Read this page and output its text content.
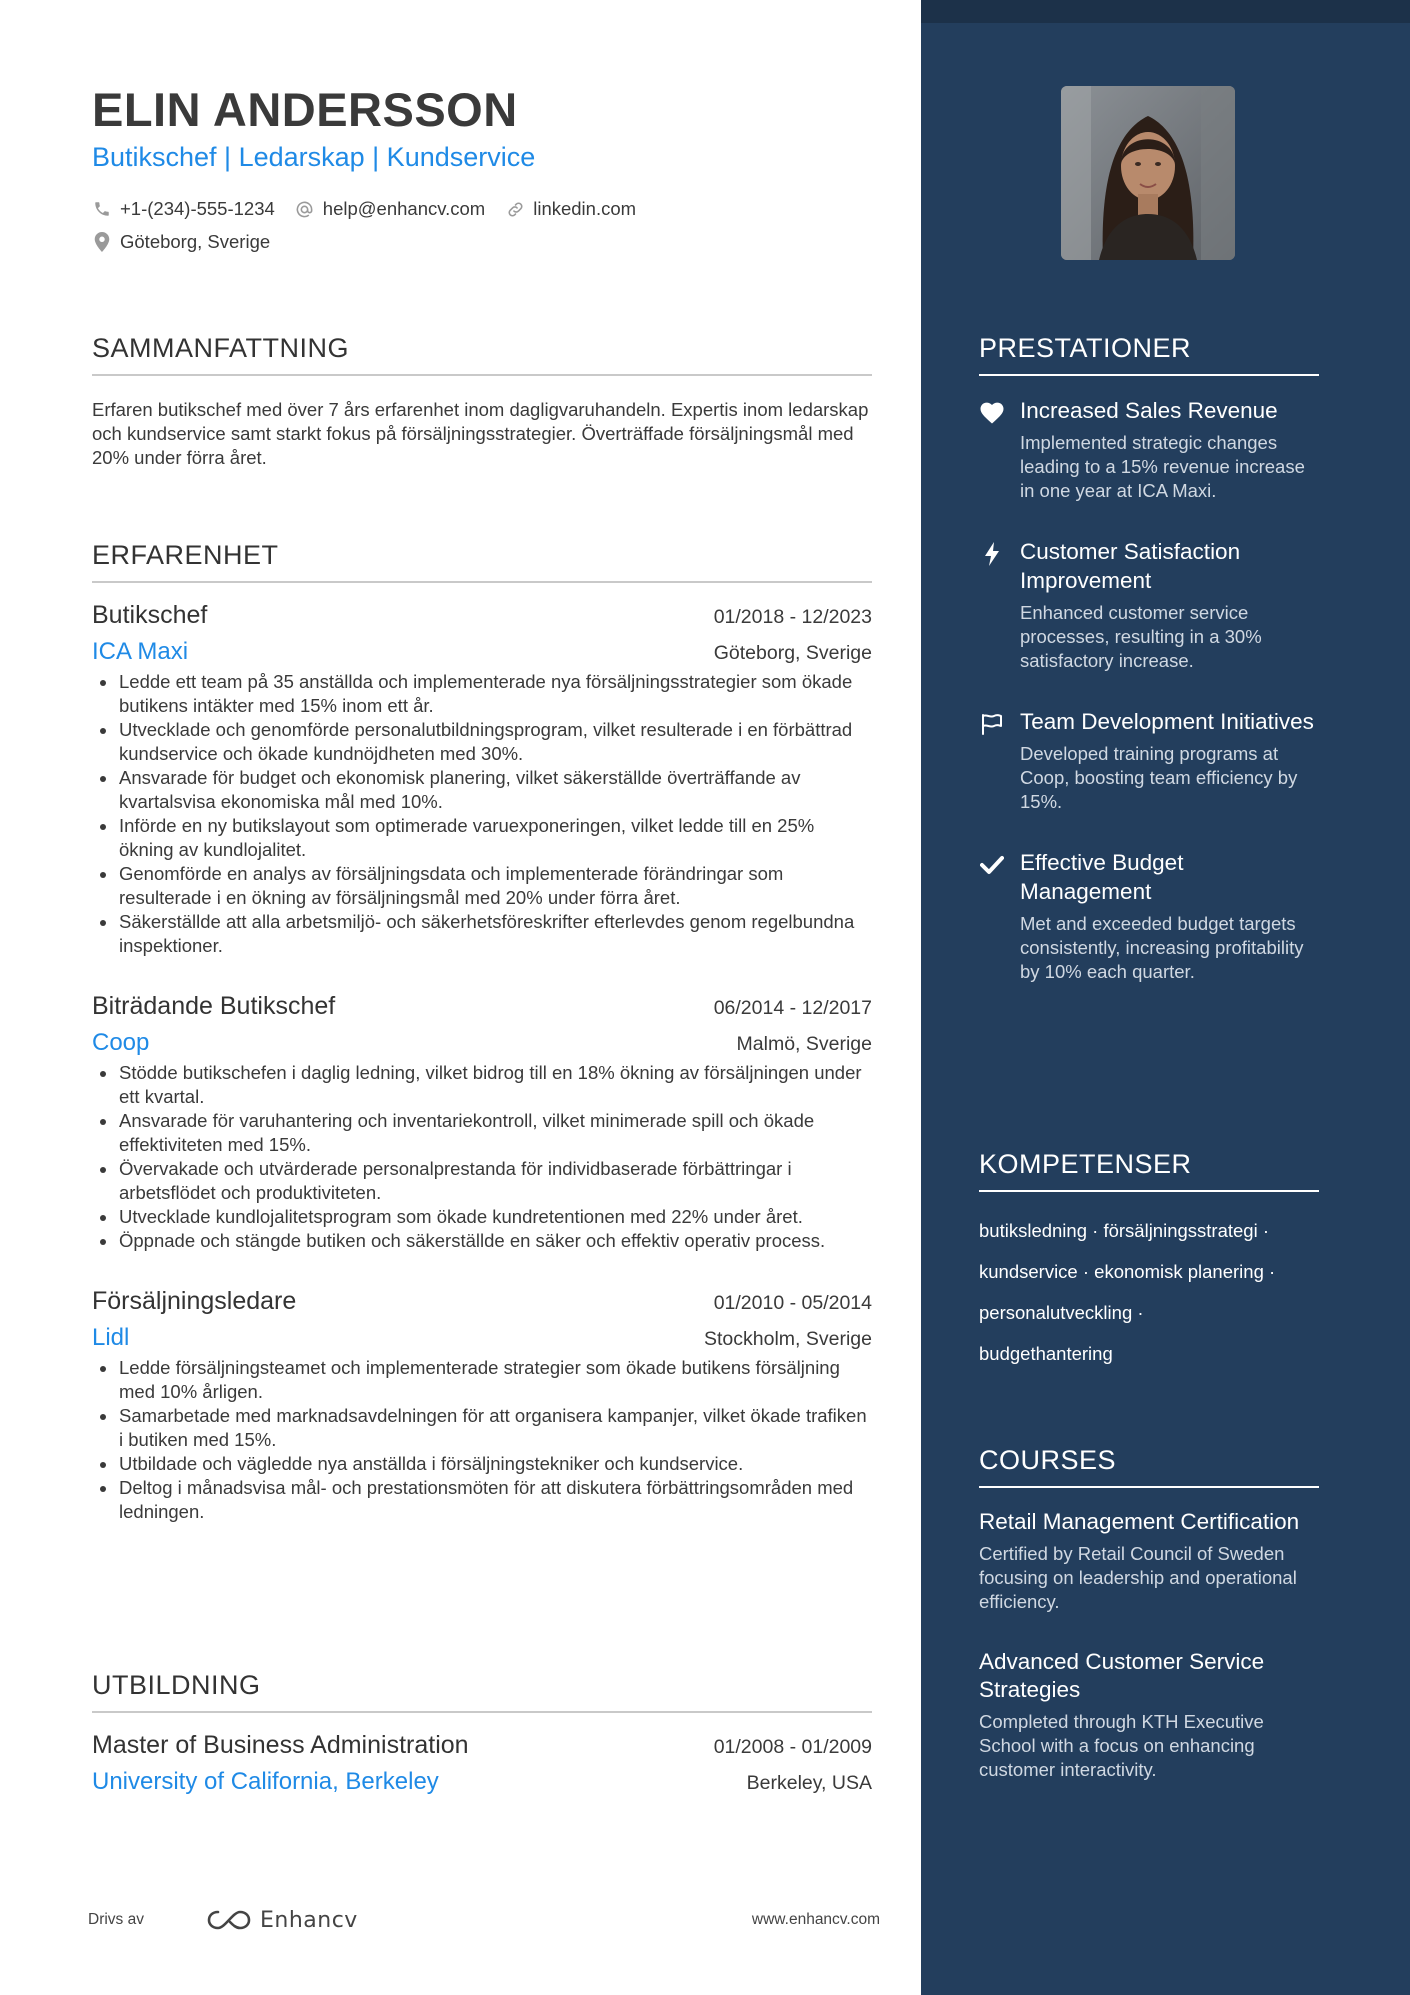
ELIN ANDERSSON
Butikschef | Ledarskap | Kundservice
+1-(234)-555-1234	help@enhancv.com	linkedin.com
Göteborg, Sverige
SAMMANFATTNING
Erfaren butikschef med över 7 års erfarenhet inom dagligvaruhandeln. Expertis inom ledarskap och kundservice samt starkt fokus på försäljningsstrategier. Överträffade försäljningsmål med 20% under förra året.
ERFARENHET
Butikschef	01/2018 - 12/2023
ICA Maxi	Göteborg, Sverige
Ledde ett team på 35 anställda och implementerade nya försäljningsstrategier som ökade butikens intäkter med 15% inom ett år.
Utvecklade och genomförde personalutbildningsprogram, vilket resulterade i en förbättrad kundservice och ökade kundnöjdheten med 30%.
Ansvarade för budget och ekonomisk planering, vilket säkerställde överträffande av kvartalsvisa ekonomiska mål med 10%.
Införde en ny butikslayout som optimerade varuexponeringen, vilket ledde till en 25% ökning av kundlojalitet.
Genomförde en analys av försäljningsdata och implementerade förändringar som resulterade i en ökning av försäljningsmål med 20% under förra året.
Säkerställde att alla arbetsmiljö- och säkerhetsföreskrifter efterlevdes genom regelbundna inspektioner.
Biträdande Butikschef	06/2014 - 12/2017
Coop	Malmö, Sverige
Stödde butikschefen i daglig ledning, vilket bidrog till en 18% ökning av försäljningen under ett kvartal.
Ansvarade för varuhantering och inventariekontroll, vilket minimerade spill och ökade effektiviteten med 15%.
Övervakade och utvärderade personalprestanda för individbaserade förbättringar i arbetsflödet och produktiviteten.
Utvecklade kundlojalitetsprogram som ökade kundretentionen med 22% under året.
Öppnade och stängde butiken och säkerställde en säker och effektiv operativ process.
Försäljningsledare	01/2010 - 05/2014
Lidl	Stockholm, Sverige
Ledde försäljningsteamet och implementerade strategier som ökade butikens försäljning med 10% årligen.
Samarbetade med marknadsavdelningen för att organisera kampanjer, vilket ökade trafiken i butiken med 15%.
Utbildade och vägledde nya anställda i försäljningstekniker och kundservice.
Deltog i månadsvisa mål- och prestationsmöten för att diskutera förbättringsområden med ledningen.
UTBILDNING
Master of Business Administration	01/2008 - 01/2009
University of California, Berkeley	Berkeley, USA
Drivs av	Enhancv	www.enhancv.com
PRESTATIONER
Increased Sales Revenue
Implemented strategic changes leading to a 15% revenue increase in one year at ICA Maxi.
Customer Satisfaction Improvement
Enhanced customer service processes, resulting in a 30% satisfactory increase.
Team Development Initiatives
Developed training programs at Coop, boosting team efficiency by 15%.
Effective Budget Management
Met and exceeded budget targets consistently, increasing profitability by 10% each quarter.
KOMPETENSER
butiksledning · försäljningsstrategi ·
kundservice · ekonomisk planering ·
personalutveckling ·
budgethantering
COURSES
Retail Management Certification
Certified by Retail Council of Sweden focusing on leadership and operational efficiency.
Advanced Customer Service Strategies
Completed through KTH Executive School with a focus on enhancing customer interactivity.
